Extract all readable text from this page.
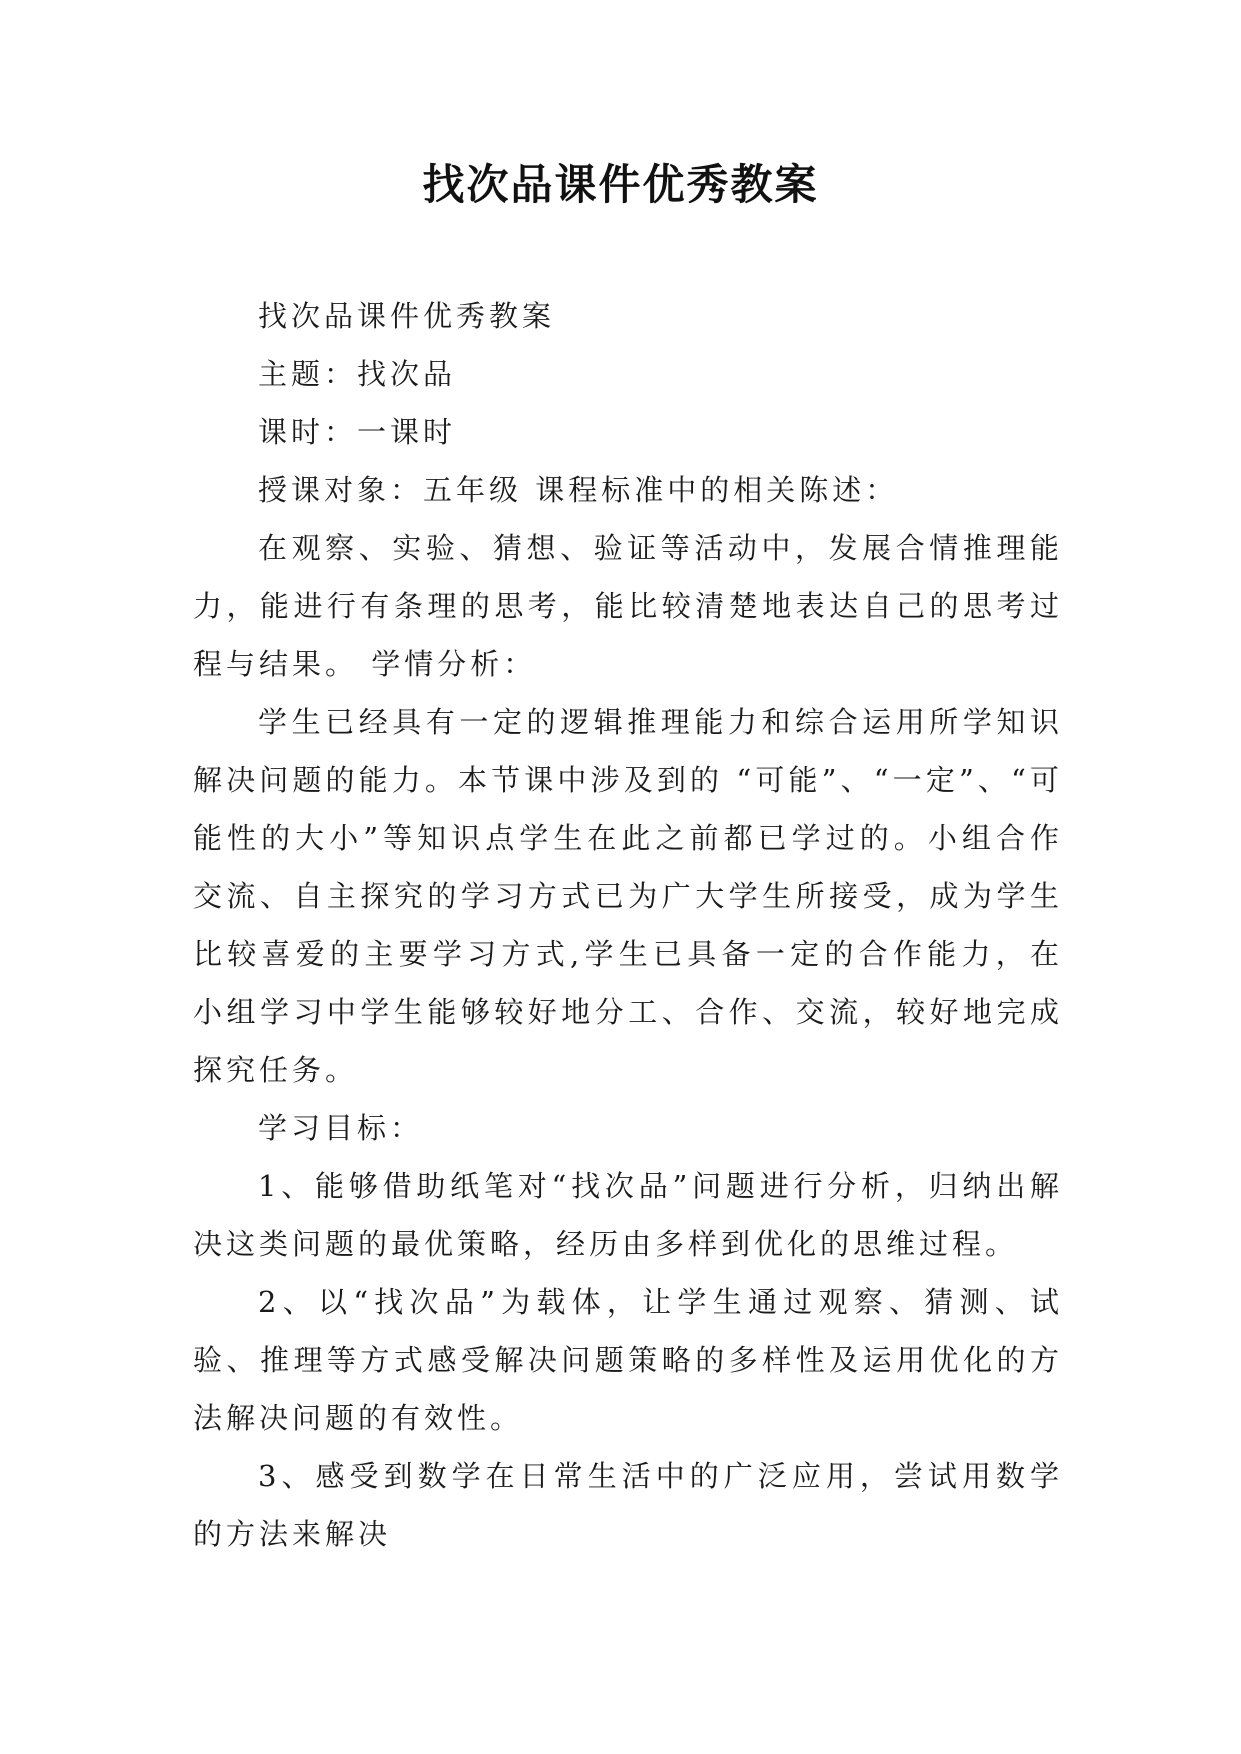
找次品课件优秀教案

找次品课件优秀教案

主题：找次品

课时：一课时

授课对象：五年级 课程标准中的相关陈述：

在观察、实验、猜想、验证等活动中，发展合情推理能力，能进行有条理的思考，能比较清楚地表达自己的思考过程与结果。 学情分析：

学生已经具有一定的逻辑推理能力和综合运用所学知识解决问题的能力。本节课中涉及到的 “可能”、“一定”、“可能性的大小”等知识点学生在此之前都已学过的。小组合作交流、自主探究的学习方式已为广大学生所接受，成为学生比较喜爱的主要学习方式,学生已具备一定的合作能力，在小组学习中学生能够较好地分工、合作、交流，较好地完成探究任务。

学习目标：

1、能够借助纸笔对“找次品”问题进行分析，归纳出解决这类问题的最优策略，经历由多样到优化的思维过程。

2、以“找次品”为载体，让学生通过观察、猜测、试验、推理等方式感受解决问题策略的多样性及运用优化的方法解决问题的有效性。

3、感受到数学在日常生活中的广泛应用，尝试用数学的方法来解决
